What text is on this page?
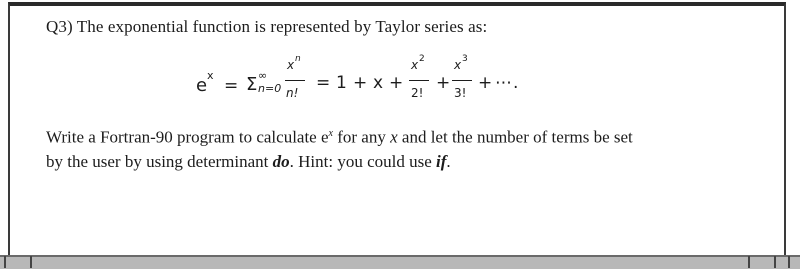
Q3) The exponential function is represented by Taylor series as:
e x
= Σ ∞
n=0
x n
n! = 1 + x +
x 2
2! +
x 3
3! + ⋯ .
Write a Fortran-90 program to calculate $e^x$ for any x and let the number of terms be set
by the user by using determinant do. Hint: you could use if.
